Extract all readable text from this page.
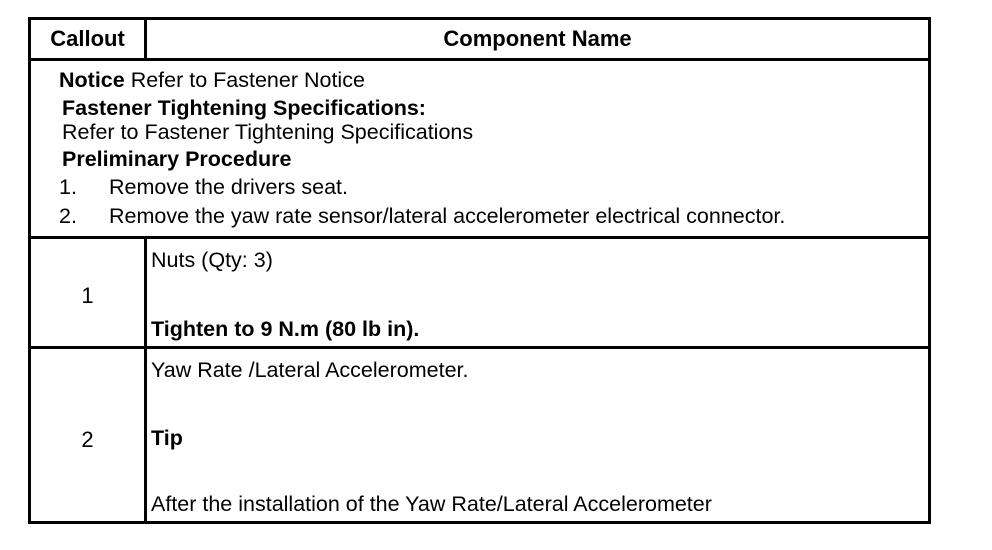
Callout	Component Name
Notice Refer to Fastener Notice
Fastener Tightening Specifications:
Refer to Fastener Tightening Specifications
Preliminary Procedure
1. Remove the drivers seat.
2. Remove the yaw rate sensor/lateral accelerometer electrical connector.
1
Nuts (Qty: 3)
Tighten to 9 N.m (80 lb in).
2
Yaw Rate /Lateral Accelerometer.
Tip
After the installation of the Yaw Rate/Lateral Accelerometer
